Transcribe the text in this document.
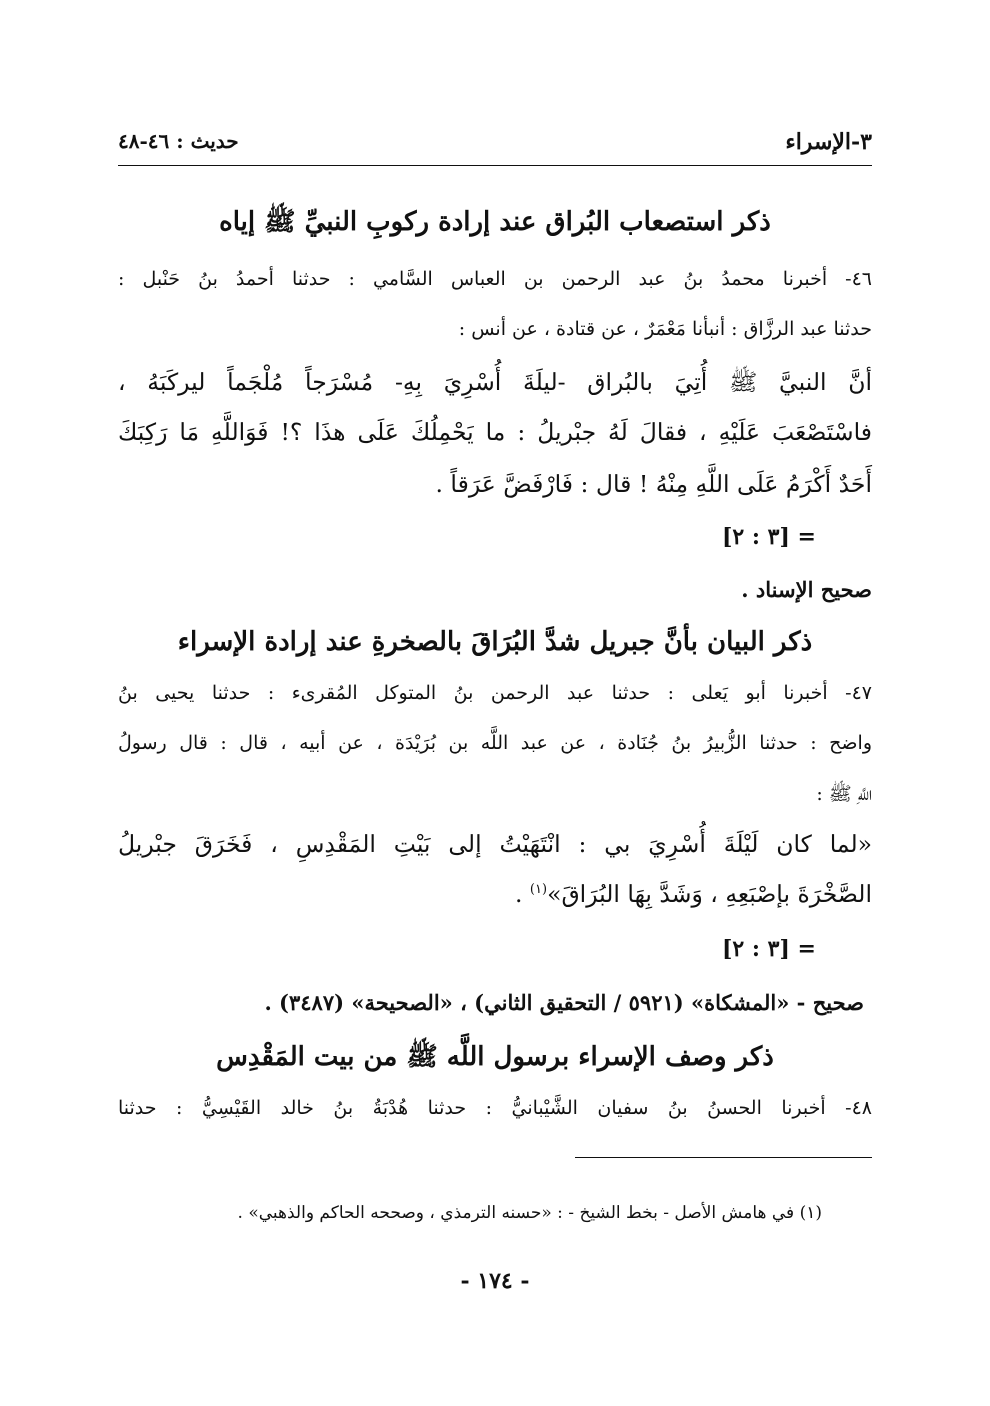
٣-الإسراء
حديث : ٤٦-٤٨
ذكر استصعاب البُراق عند إرادة ركوبِ النبيِّ ﷺ إياه
٤٦- أخبرنا محمدُ بنُ عبد الرحمن بن العباس السَّامي : حدثنا أحمدُ بنُ حَنْبل :
حدثنا عبد الرزَّاق : أنبأنا مَعْمَرٌ ، عن قتادة ، عن أنس :
أنَّ النبيَّ ﷺ أُتِيَ بالبُراق -ليلَةَ أُسْرِيَ بِهِ- مُسْرَجاً مُلْجَماً ليركَبَهُ ،
فاسْتَصْعَبَ عَلَيْهِ ، فقالَ لَهُ جبْريلُ : ما يَحْمِلُكَ عَلَى هذَا ؟! فَوَاللَّهِ مَا رَكِبَكَ
أَحَدٌ أَكْرَمُ عَلَى اللَّهِ مِنْهُ ! قال : فَارْفَضَّ عَرَقاً .
= [٣ : ٢]
صحيح الإسناد .
ذكر البيان بأنَّ جبريل شدَّ البُرَاقَ بالصخرةِ عند إرادة الإسراء
٤٧- أخبرنا أبو يَعلى : حدثنا عبد الرحمن بنُ المتوكل المُقرىء : حدثنا يحيى بنُ
واضح : حدثنا الزُّبيرُ بنُ جُنَادة ، عن عبد اللَّه بن بُرَيْدَة ، عن أبيه ، قال : قال رسولُ
اللَّهِ ﷺ :
«لما كان لَيْلَةَ أُسْرِيَ بي : انْتَهَيْتُ إلى بَيْتِ المَقْدِسِ ، فَخَرَقَ جبْريلُ
الصَّخْرَةَ بإصْبَعِهِ ، وَشَدَّ بِهَا البُرَاقَ»$^{(١)}$ .
= [٣ : ٢]
صحيح - «المشكاة» (٥٩٢١ / التحقيق الثاني) ، «الصحيحة» (٣٤٨٧) .
ذكر وصف الإسراء برسول اللَّه ﷺ من بيت المَقْدِس
٤٨- أخبرنا الحسنُ بنُ سفيان الشَّيْبانيُّ : حدثنا هُدْبَةُ بنُ خالد القَيْسِيُّ : حدثنا
(١) في هامش الأصل - بخط الشيخ - : «حسنه الترمذي ، وصححه الحاكم والذهبي» .
- ١٧٤ -
